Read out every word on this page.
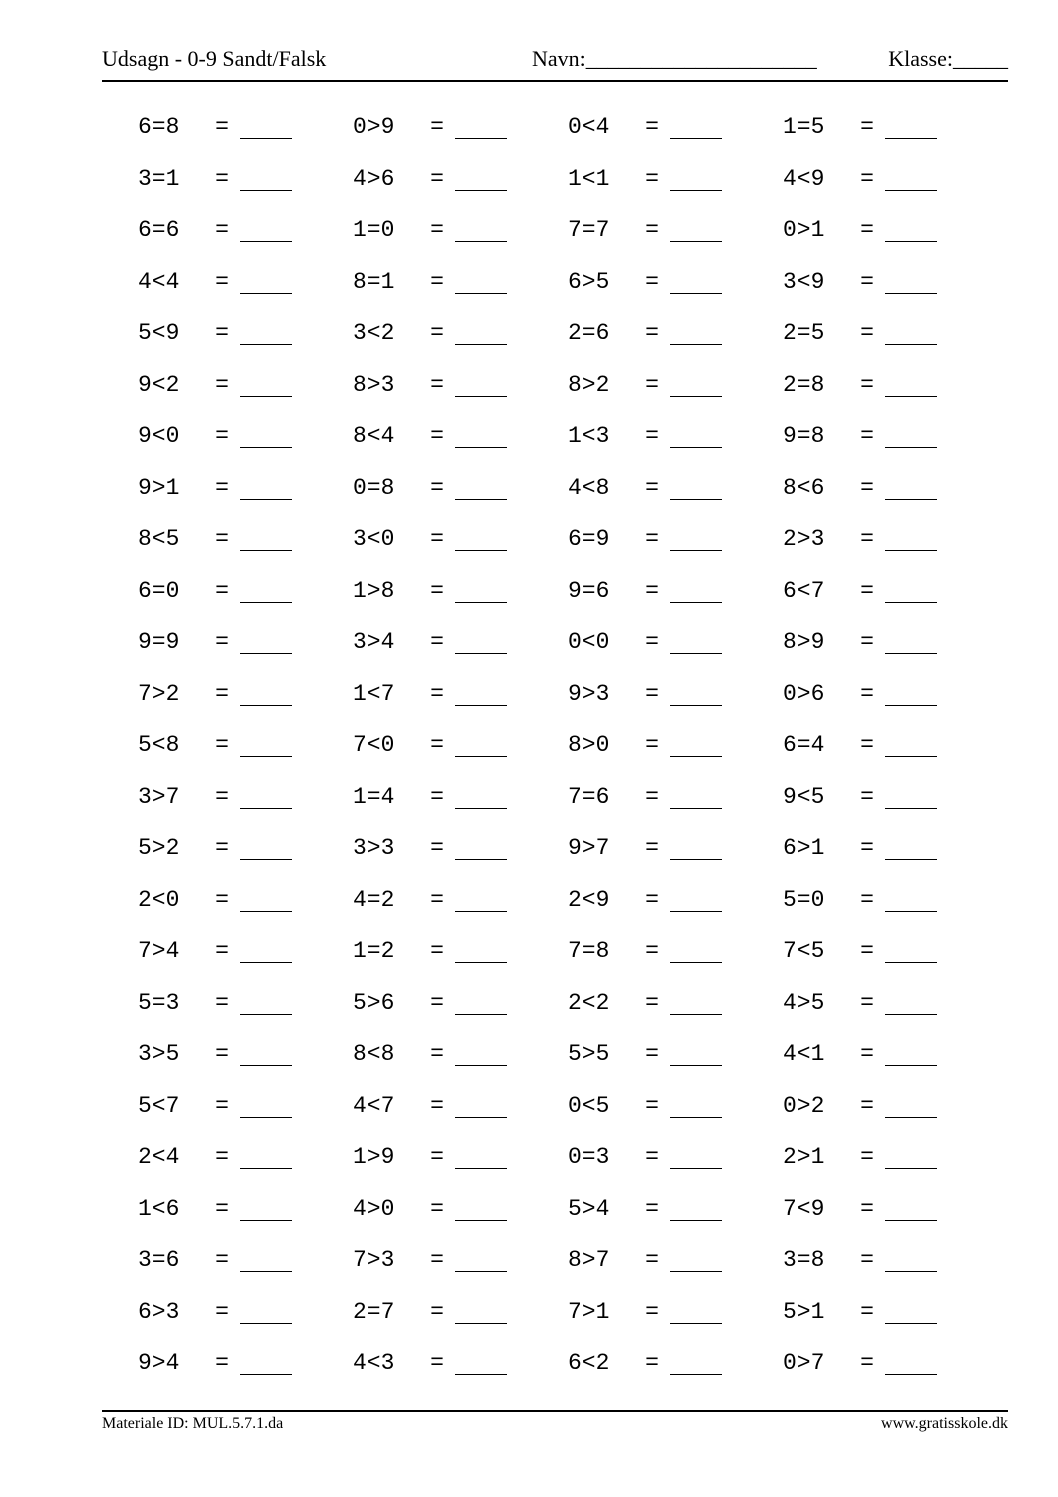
Udsagn - 0-9 Sandt/Falsk	Navn:_____________________	Klasse:_____
6=8	=	0>9	=	0<4	=	1=5	=
3=1	=	4>6	=	1<1	=	4<9	=
6=6	=	1=0	=	7=7	=	0>1	=
4<4	=	8=1	=	6>5	=	3<9	=
5<9	=	3<2	=	2=6	=	2=5	=
9<2	=	8>3	=	8>2	=	2=8	=
9<0	=	8<4	=	1<3	=	9=8	=
9>1	=	0=8	=	4<8	=	8<6	=
8<5	=	3<0	=	6=9	=	2>3	=
6=0	=	1>8	=	9=6	=	6<7	=
9=9	=	3>4	=	0<0	=	8>9	=
7>2	=	1<7	=	9>3	=	0>6	=
5<8	=	7<0	=	8>0	=	6=4	=
3>7	=	1=4	=	7=6	=	9<5	=
5>2	=	3>3	=	9>7	=	6>1	=
2<0	=	4=2	=	2<9	=	5=0	=
7>4	=	1=2	=	7=8	=	7<5	=
5=3	=	5>6	=	2<2	=	4>5	=
3>5	=	8<8	=	5>5	=	4<1	=
5<7	=	4<7	=	0<5	=	0>2	=
2<4	=	1>9	=	0=3	=	2>1	=
1<6	=	4>0	=	5>4	=	7<9	=
3=6	=	7>3	=	8>7	=	3=8	=
6>3	=	2=7	=	7>1	=	5>1	=
9>4	=	4<3	=	6<2	=	0>7	=
Materiale ID: MUL.5.7.1.da	www.gratisskole.dk
